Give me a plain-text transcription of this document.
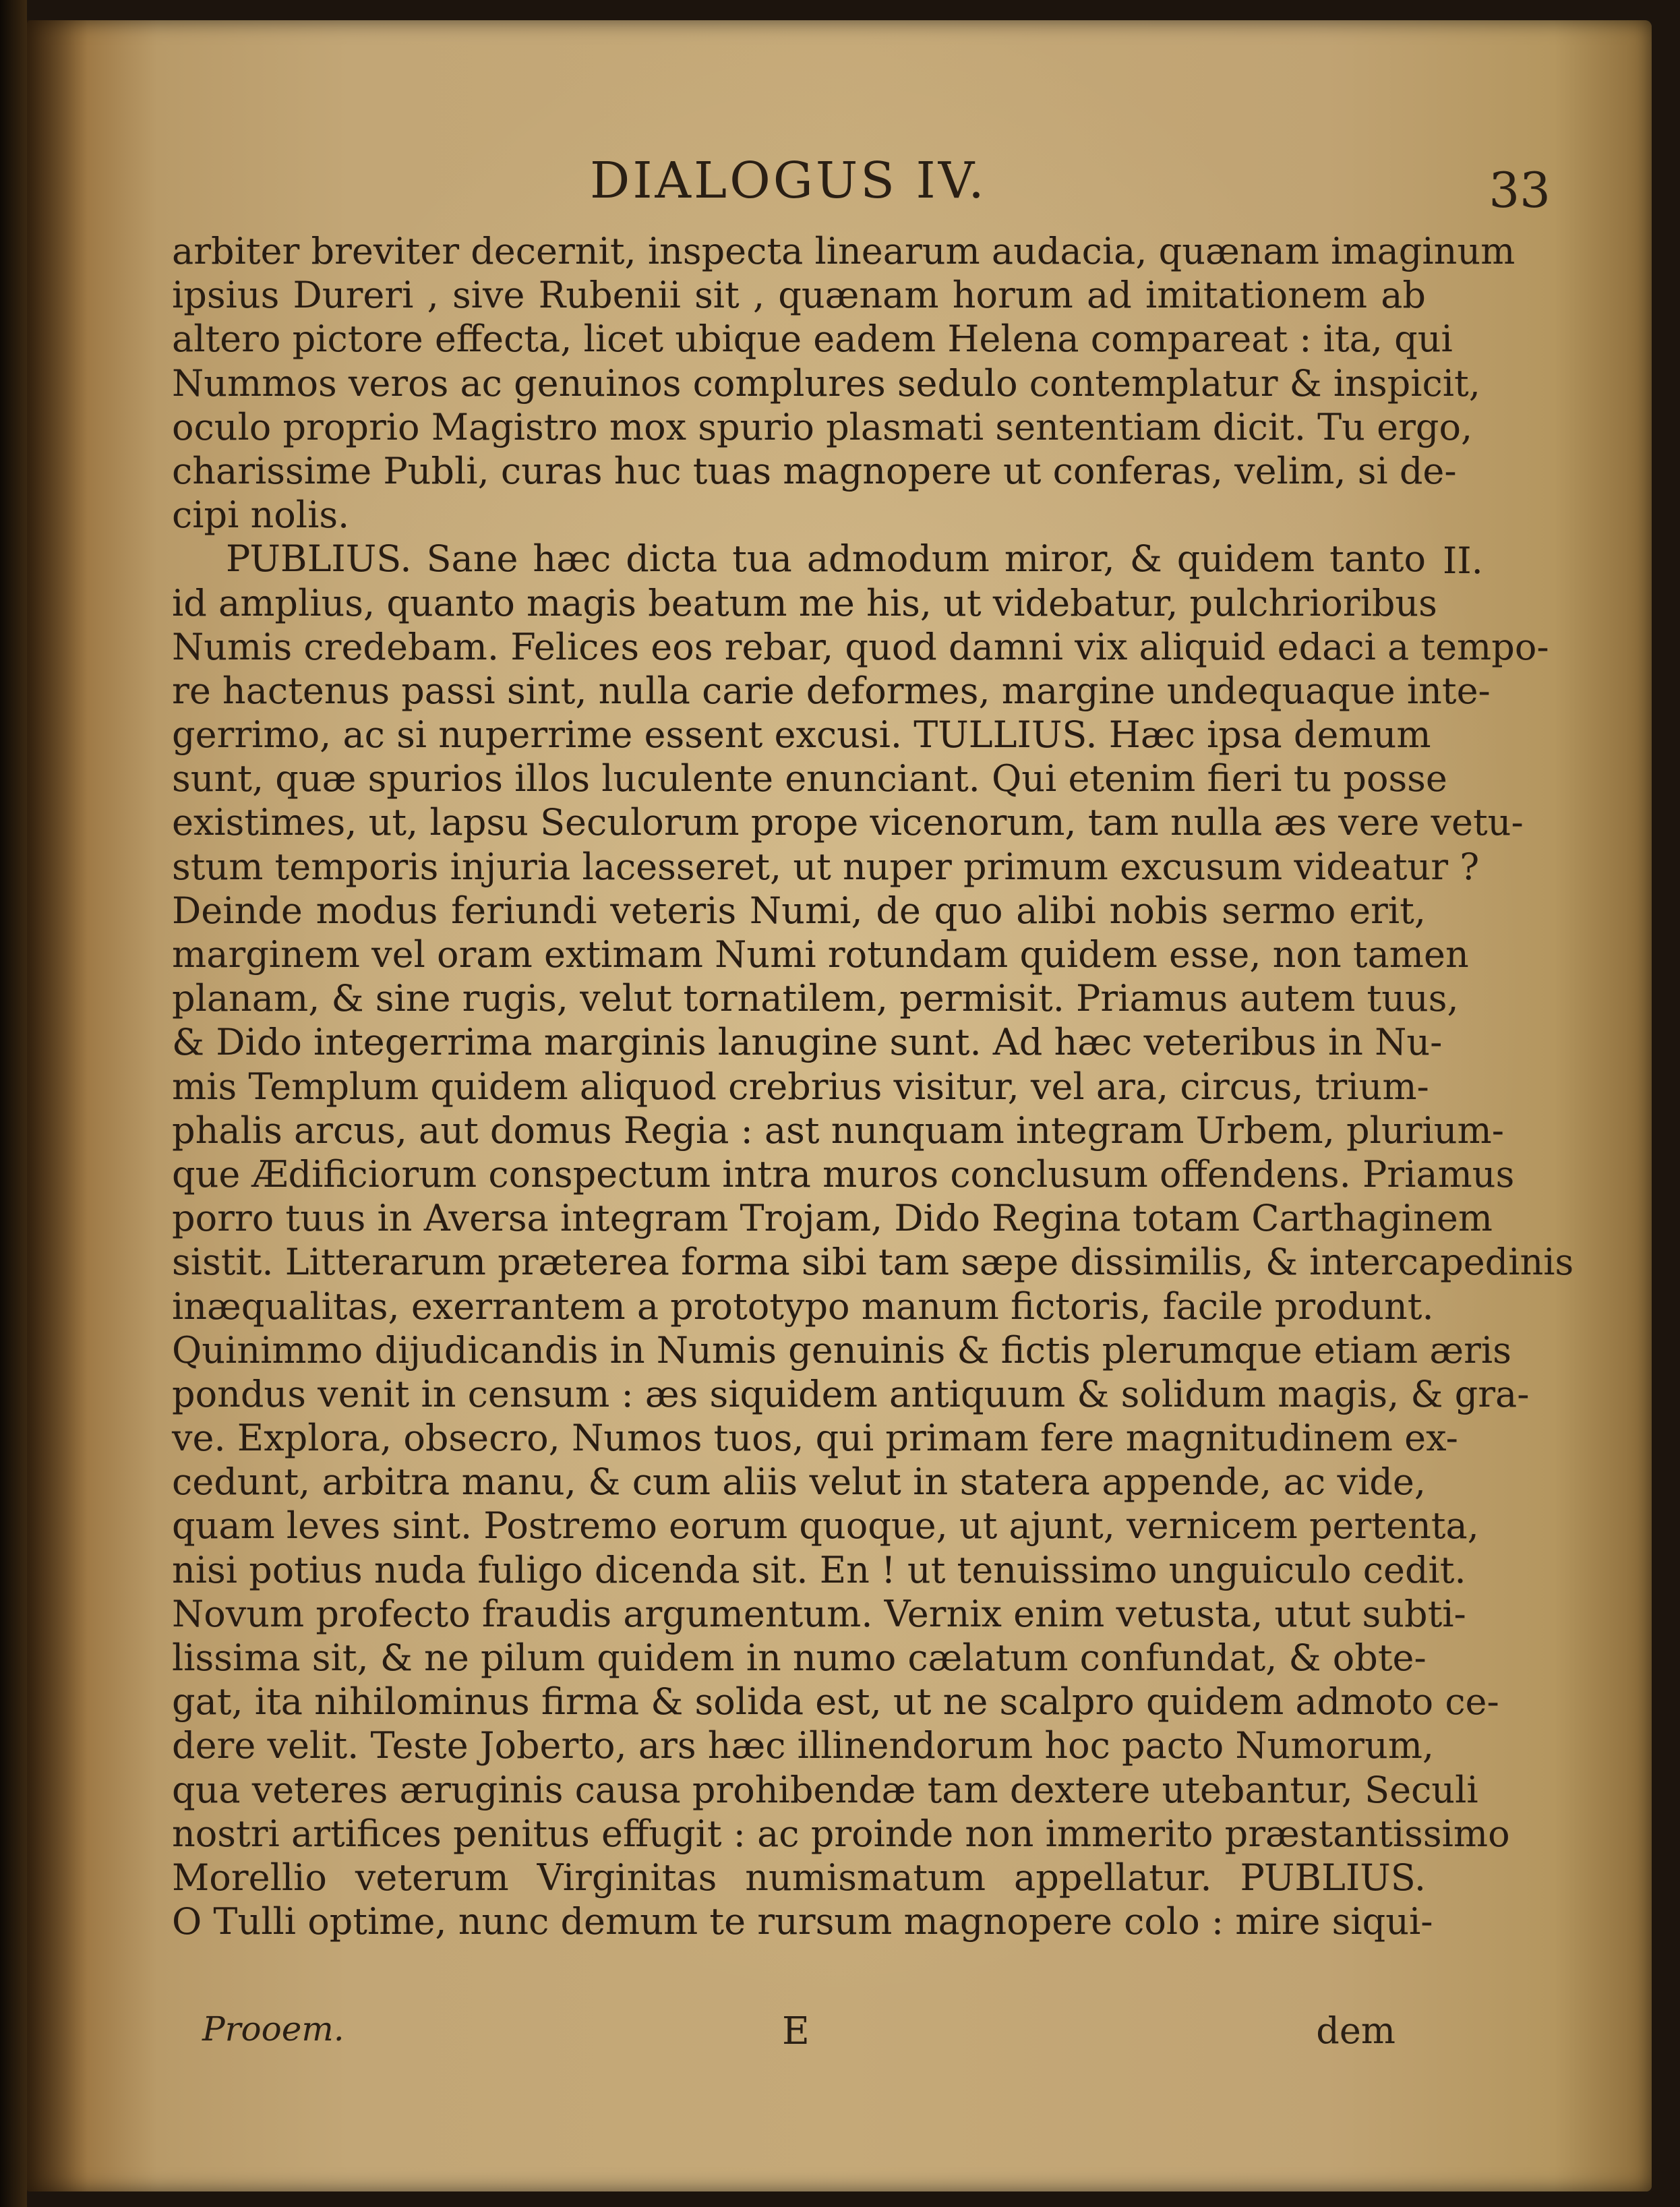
DIALOGUS IV.	33
II.
arbiter breviter decernit, inspecta linearum audacia, quænam imaginum
ipsius Dureri , sive Rubenii sit , quænam horum ad imitationem ab
altero pictore effecta, licet ubique eadem Helena compareat : ita, qui
Nummos veros ac genuinos complures sedulo contemplatur & inspicit,
oculo proprio Magistro mox spurio plasmati sententiam dicit. Tu ergo,
charissime Publi, curas huc tuas magnopere ut conferas, velim, si de-
cipi nolis.
PUBLIUS. Sane hæc dicta tua admodum miror, & quidem tanto
id amplius, quanto magis beatum me his, ut videbatur, pulchrioribus
Numis credebam. Felices eos rebar, quod damni vix aliquid edaci a tempo-
re hactenus passi sint, nulla carie deformes, margine undequaque inte-
gerrimo, ac si nuperrime essent excusi. TULLIUS. Hæc ipsa demum
sunt, quæ spurios illos luculente enunciant. Qui etenim fieri tu posse
existimes, ut, lapsu Seculorum prope vicenorum, tam nulla æs vere vetu-
stum temporis injuria lacesseret, ut nuper primum excusum videatur ?
Deinde modus feriundi veteris Numi, de quo alibi nobis sermo erit,
marginem vel oram extimam Numi rotundam quidem esse, non tamen
planam, & sine rugis, velut tornatilem, permisit. Priamus autem tuus,
& Dido integerrima marginis lanugine sunt. Ad hæc veteribus in Nu-
mis Templum quidem aliquod crebrius visitur, vel ara, circus, trium-
phalis arcus, aut domus Regia : ast nunquam integram Urbem, plurium-
que Ædificiorum conspectum intra muros conclusum offendens. Priamus
porro tuus in Aversa integram Trojam, Dido Regina totam Carthaginem
sistit. Litterarum præterea forma sibi tam sæpe dissimilis, & intercapedinis
inæqualitas, exerrantem a prototypo manum fictoris, facile produnt.
Quinimmo dijudicandis in Numis genuinis & fictis plerumque etiam æris
pondus venit in censum : æs siquidem antiquum & solidum magis, & gra-
ve. Explora, obsecro, Numos tuos, qui primam fere magnitudinem ex-
cedunt, arbitra manu, & cum aliis velut in statera appende, ac vide,
quam leves sint. Postremo eorum quoque, ut ajunt, vernicem pertenta,
nisi potius nuda fuligo dicenda sit. En ! ut tenuissimo unguiculo cedit.
Novum profecto fraudis argumentum. Vernix enim vetusta, utut subti-
lissima sit, & ne pilum quidem in numo cælatum confundat, & obte-
gat, ita nihilominus firma & solida est, ut ne scalpro quidem admoto ce-
dere velit. Teste Joberto, ars hæc illinendorum hoc pacto Numorum,
qua veteres æruginis causa prohibendæ tam dextere utebantur, Seculi
nostri artifices penitus effugit : ac proinde non immerito præstantissimo
Morellio veterum Virginitas numismatum appellatur. PUBLIUS.
O Tulli optime, nunc demum te rursum magnopere colo : mire siqui-
Prooem.	E	dem
